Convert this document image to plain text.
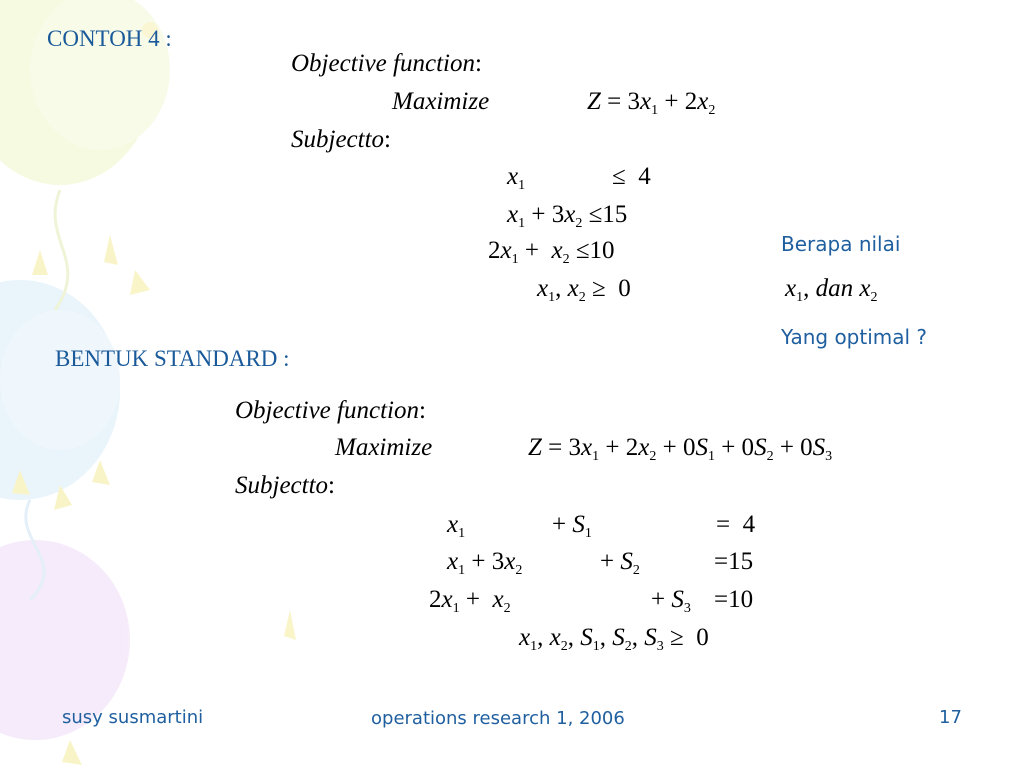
CONTOH 4 :
BENTUK STANDARD :
Objective function:
Maximize	$Z = 3x_1 + 2x_2$
Subjectto:
$x_1$	≤  4
$x_1 + 3x_2 \le 15$
$2x_1 + x_2 \le 10$
$x_1$, $x_2 \ge 0$
Berapa nilai
$x_1$, dan $x_2$
Yang optimal ?
Objective function:
Maximize	$Z = 3x_1 + 2x_2 + 0S_1 + 0S_2 + 0S_3$
Subjectto:
$x_1$	+ $S_1$	=  4
$x_1 + 3x_2$	+ $S_2$	=15
$2x_1 + x_2$	+ $S_3 =10$
$x_1$, $x_2$, $S_1$, $S_2$, $S_3 \ge 0$
susy susmartini	operations research 1, 2006	17
